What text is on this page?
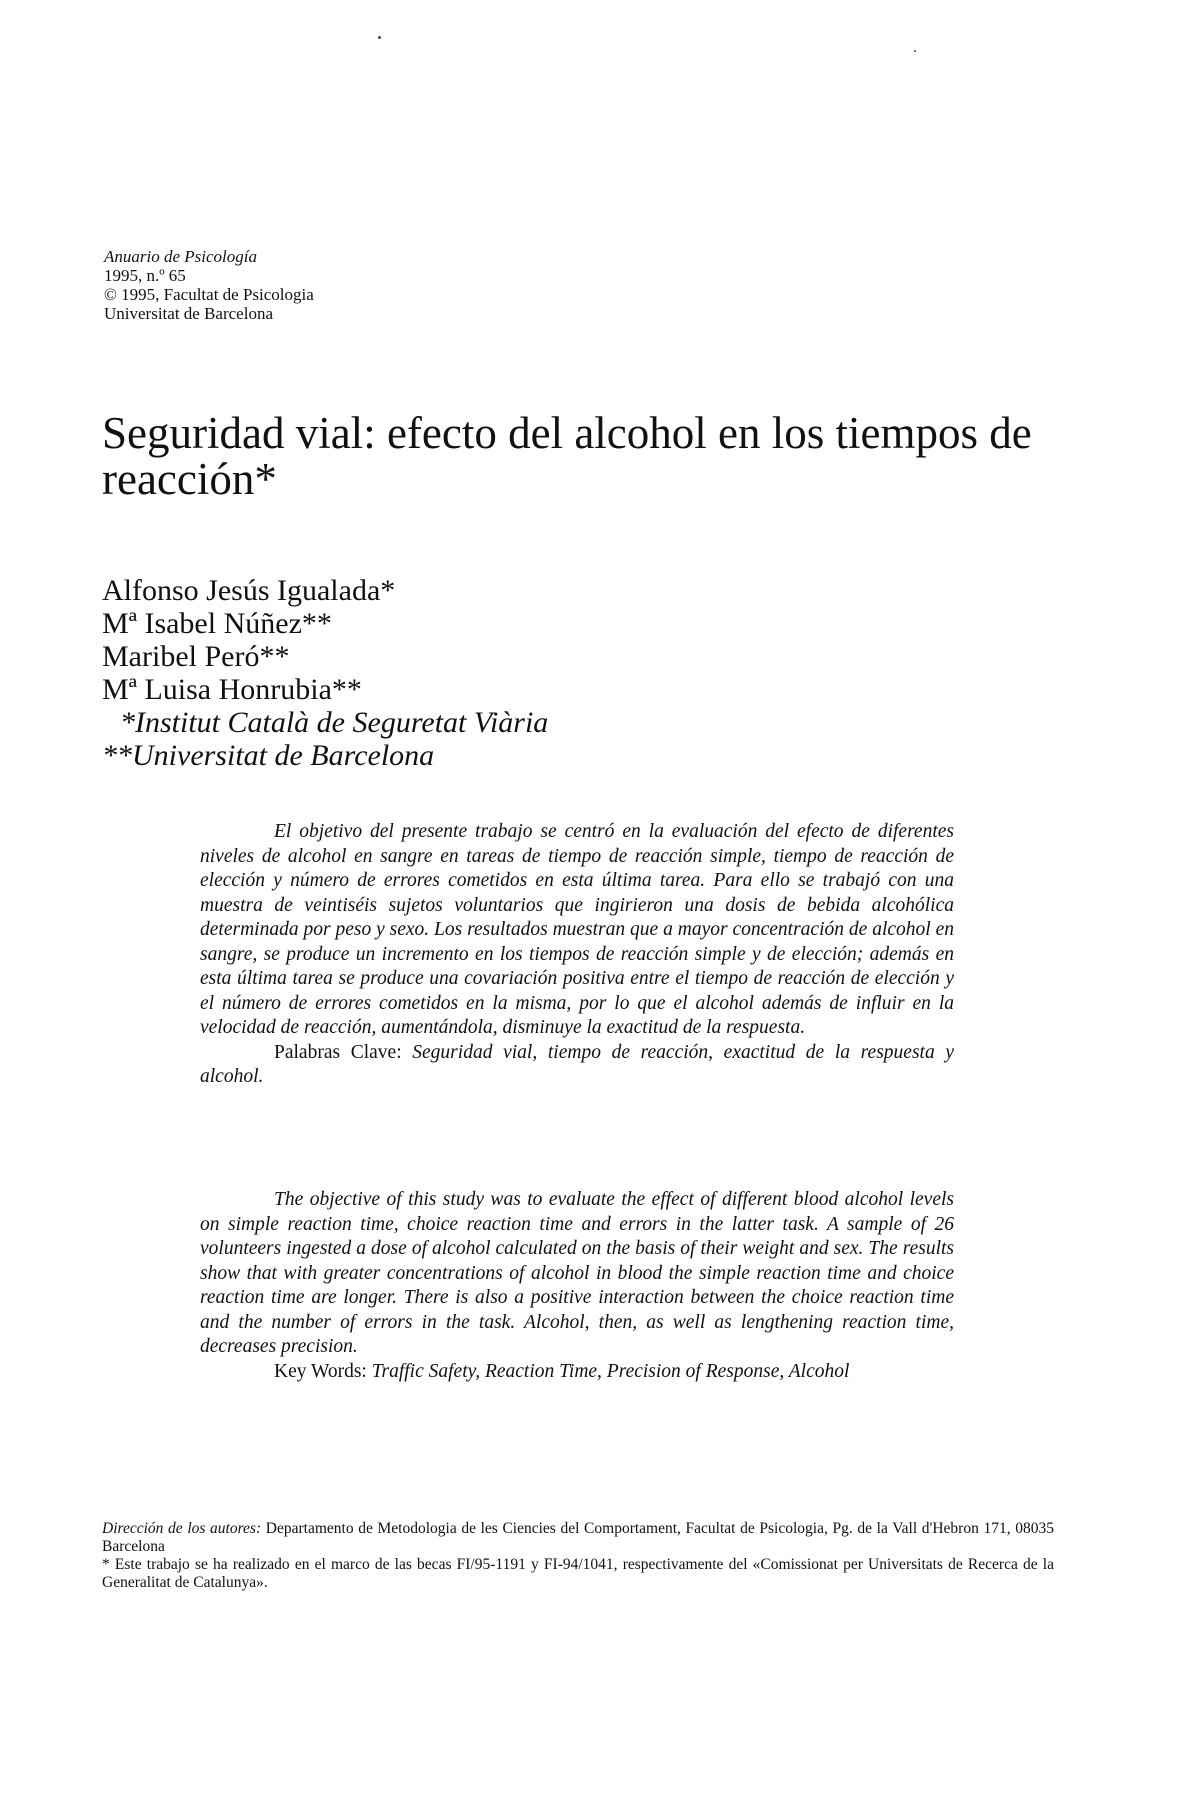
Anuario de Psicología
1995, n.º 65
© 1995, Facultat de Psicologia
Universitat de Barcelona
Seguridad vial: efecto del alcohol en los tiempos de reacción*
Alfonso Jesús Igualada*
Mª Isabel Núñez**
Maribel Peró**
Mª Luisa Honrubia**
*Institut Català de Seguretat Viària
**Universitat de Barcelona

El objetivo del presente trabajo se centró en la evaluación del efecto de diferentes niveles de alcohol en sangre en tareas de tiempo de reacción simple, tiempo de reacción de elección y número de errores cometidos en esta última tarea. Para ello se trabajó con una muestra de veintiséis sujetos voluntarios que ingirieron una dosis de bebida alcohólica determinada por peso y sexo. Los resultados muestran que a mayor concentración de alcohol en sangre, se produce un incremento en los tiempos de reacción simple y de elección; además en esta última tarea se produce una covariación positiva entre el tiempo de reacción de elección y el número de errores cometidos en la misma, por lo que el alcohol además de influir en la velocidad de reacción, aumentándola, disminuye la exactitud de la respuesta.

Palabras Clave: Seguridad vial, tiempo de reacción, exactitud de la respuesta y alcohol.

The objective of this study was to evaluate the effect of different blood alcohol levels on simple reaction time, choice reaction time and errors in the latter task. A sample of 26 volunteers ingested a dose of alcohol calculated on the basis of their weight and sex. The results show that with greater concentrations of alcohol in blood the simple reaction time and choice reaction time are longer. There is also a positive interaction between the choice reaction time and the number of errors in the task. Alcohol, then, as well as lengthening reaction time, decreases precision.

Key Words: Traffic Safety, Reaction Time, Precision of Response, Alcohol

Dirección de los autores: Departamento de Metodologia de les Ciencies del Comportament, Facultat de Psicologia, Pg. de la Vall d'Hebron 171, 08035 Barcelona

* Este trabajo se ha realizado en el marco de las becas FI/95-1191 y FI-94/1041, respectivamente del «Comissionat per Universitats de Recerca de la Generalitat de Catalunya».
